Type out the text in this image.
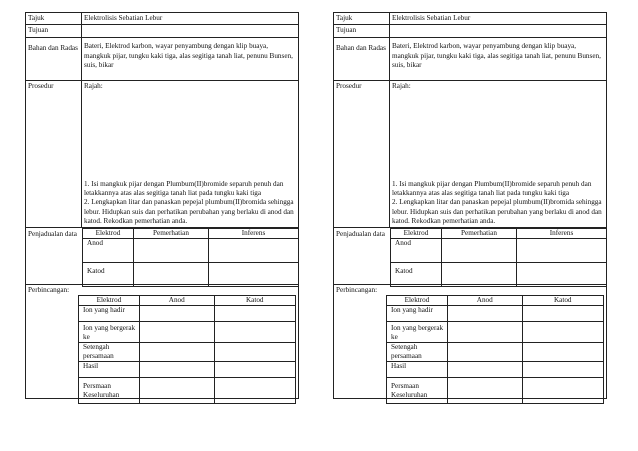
Tajuk	Elektrolisis Sebatian Lebur
Tujuan
Bahan dan Radas Bateri, Elektrod karbon, wayar penyambung dengan klip buaya, mangkuk pijar, tungku kaki tiga, alas segitiga tanah liat, penunu Bunsen, suis, bikar
Prosedur	Rajah:
1. Isi mangkuk pijar dengan Plumbum(II)bromide separuh penuh dan letakkannya atas alas segitiga tanah liat pada tungku kaki tiga
2. Lengkapkan litar dan panaskan pepejal plumbum(II)bromida sehingga lebur. Hidupkan suis dan perhatikan perubahan yang berlaku di anod dan katod. Rekodkan pemerhatian anda.
Penjadualan data	Elektrod	Pemerhatian	Inferens
Anod		
Katod		
Perbincangan:
Elektrod	Anod	Katod
Ion yang hadir		
Ion yang bergerak ke		
Setengah persamaan		
Hasil		
Persmaan Keseluruhan		
Tajuk	Elektrolisis Sebatian Lebur
Tujuan
Bahan dan Radas Bateri, Elektrod karbon, wayar penyambung dengan klip buaya, mangkuk pijar, tungku kaki tiga, alas segitiga tanah liat, penunu Bunsen, suis, bikar
Prosedur	Rajah:
1. Isi mangkuk pijar dengan Plumbum(II)bromide separuh penuh dan letakkannya atas alas segitiga tanah liat pada tungku kaki tiga
2. Lengkapkan litar dan panaskan pepejal plumbum(II)bromida sehingga lebur. Hidupkan suis dan perhatikan perubahan yang berlaku di anod dan katod. Rekodkan pemerhatian anda.
Penjadualan data	Elektrod	Pemerhatian	Inferens
Anod		
Katod		
Perbincangan:
Elektrod	Anod	Katod
Ion yang hadir		
Ion yang bergerak ke		
Setengah persamaan		
Hasil		
Persmaan Keseluruhan		
